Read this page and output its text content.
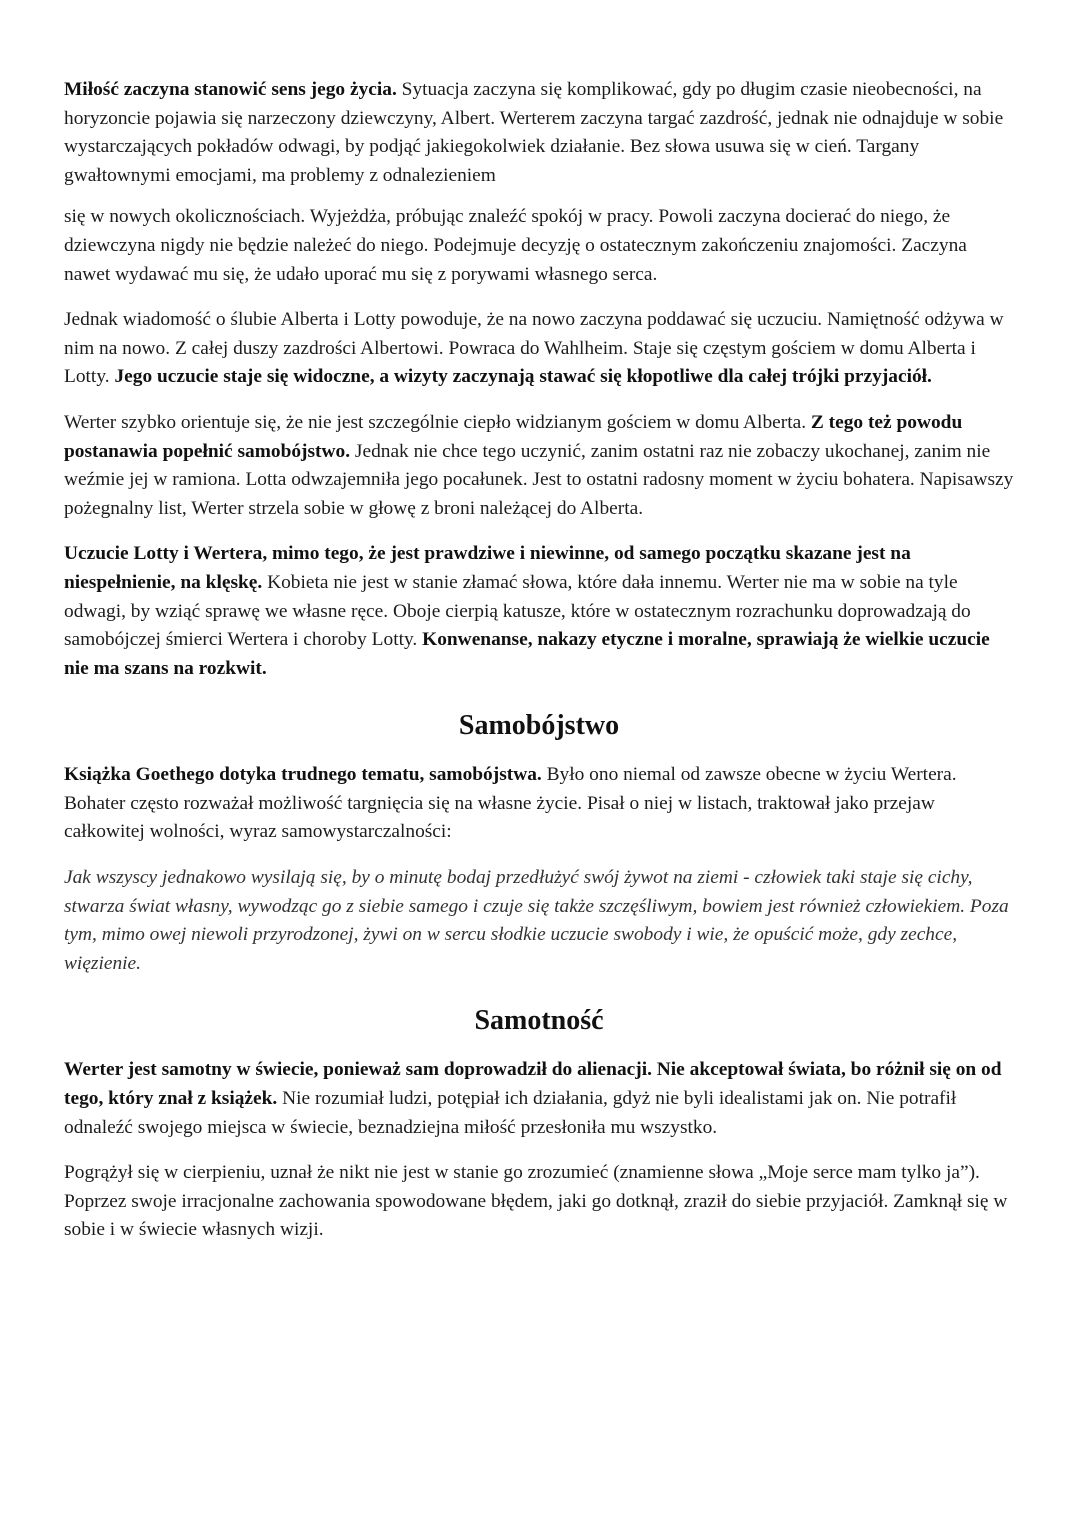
Miłość zaczyna stanowić sens jego życia. Sytuacja zaczyna się komplikować, gdy po długim czasie nieobecności, na horyzoncie pojawia się narzeczony dziewczyny, Albert. Werterem zaczyna targać zazdrość, jednak nie odnajduje w sobie wystarczających pokładów odwagi, by podjąć jakiegokolwiek działanie. Bez słowa usuwa się w cień. Targany gwałtownymi emocjami, ma problemy z odnalezieniem

się w nowych okolicznościach. Wyjeżdża, próbując znaleźć spokój w pracy. Powoli zaczyna docierać do niego, że dziewczyna nigdy nie będzie należeć do niego. Podejmuje decyzję o ostatecznym zakończeniu znajomości. Zaczyna nawet wydawać mu się, że udało uporać mu się z porywami własnego serca.

Jednak wiadomość o ślubie Alberta i Lotty powoduje, że na nowo zaczyna poddawać się uczuciu. Namiętność odżywa w nim na nowo. Z całej duszy zazdrości Albertowi. Powraca do Wahlheim. Staje się częstym gościem w domu Alberta i Lotty. Jego uczucie staje się widoczne, a wizyty zaczynają stawać się kłopotliwe dla całej trójki przyjaciół.

Werter szybko orientuje się, że nie jest szczególnie ciepło widzianym gościem w domu Alberta. Z tego też powodu postanawia popełnić samobójstwo. Jednak nie chce tego uczynić, zanim ostatni raz nie zobaczy ukochanej, zanim nie weźmie jej w ramiona. Lotta odwzajemniła jego pocałunek. Jest to ostatni radosny moment w życiu bohatera. Napisawszy pożegnalny list, Werter strzela sobie w głowę z broni należącej do Alberta.

Uczucie Lotty i Wertera, mimo tego, że jest prawdziwe i niewinne, od samego początku skazane jest na niespełnienie, na klęskę. Kobieta nie jest w stanie złamać słowa, które dała innemu. Werter nie ma w sobie na tyle odwagi, by wziąć sprawę we własne ręce. Oboje cierpią katusze, które w ostatecznym rozrachunku doprowadzają do samobójczej śmierci Wertera i choroby Lotty. Konwenanse, nakazy etyczne i moralne, sprawiają że wielkie uczucie nie ma szans na rozkwit.

Samobójstwo

Książka Goethego dotyka trudnego tematu, samobójstwa. Było ono niemal od zawsze obecne w życiu Wertera. Bohater często rozważał możliwość targnięcia się na własne życie. Pisał o niej w listach, traktował jako przejaw całkowitej wolności, wyraz samowystarczalności:

Jak wszyscy jednakowo wysilają się, by o minutę bodaj przedłużyć swój żywot na ziemi - człowiek taki staje się cichy, stwarza świat własny, wywodząc go z siebie samego i czuje się także szczęśliwym, bowiem jest również człowiekiem. Poza tym, mimo owej niewoli przyrodzonej, żywi on w sercu słodkie uczucie swobody i wie, że opuścić może, gdy zechce, więzienie.

Samotność

Werter jest samotny w świecie, ponieważ sam doprowadził do alienacji. Nie akceptował świata, bo różnił się on od tego, który znał z książek. Nie rozumiał ludzi, potępiał ich działania, gdyż nie byli idealistami jak on. Nie potrafił odnaleźć swojego miejsca w świecie, beznadziejna miłość przesłoniła mu wszystko.

Pogrążył się w cierpieniu, uznał że nikt nie jest w stanie go zrozumieć (znamienne słowa „Moje serce mam tylko ja”). Poprzez swoje irracjonalne zachowania spowodowane błędem, jaki go dotknął, zraził do siebie przyjaciół. Zamknął się w sobie i w świecie własnych wizji.
